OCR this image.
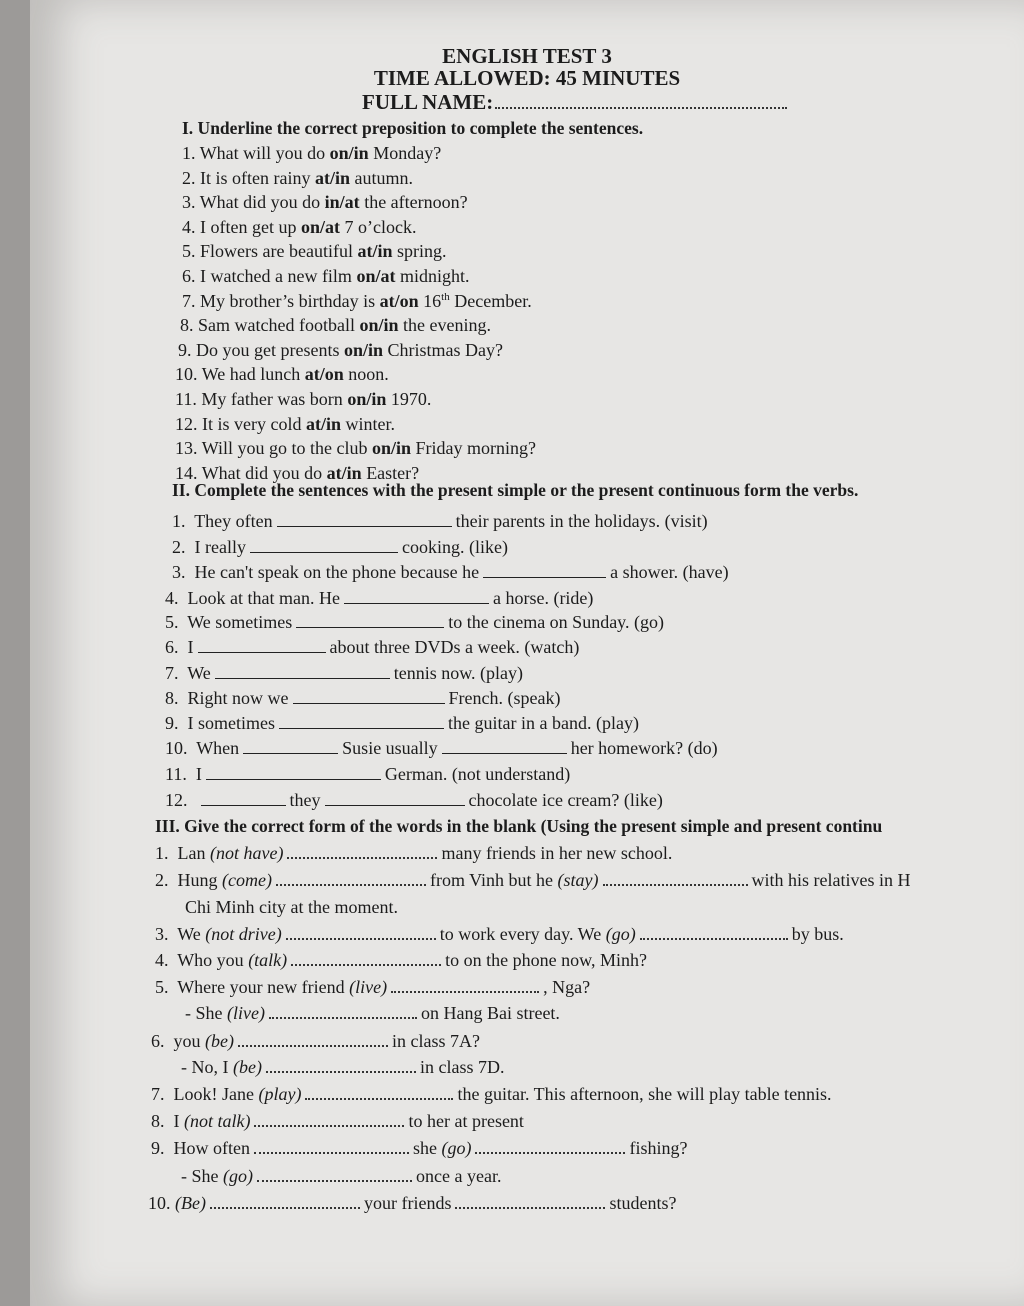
ENGLISH TEST 3
TIME ALLOWED: 45 MINUTES
FULL NAME:
I. Underline the correct preposition to complete the sentences.
1. What will you do on/in Monday?
2. It is often rainy at/in autumn.
3. What did you do in/at the afternoon?
4. I often get up on/at 7 o’clock.
5. Flowers are beautiful at/in spring.
6. I watched a new film on/at midnight.
7. My brother’s birthday is at/on 16th December.
8. Sam watched football on/in the evening.
9. Do you get presents on/in Christmas Day?
10. We had lunch at/on noon.
11. My father was born on/in 1970.
12. It is very cold at/in winter.
13. Will you go to the club on/in Friday morning?
14. What did you do at/in Easter?
II. Complete the sentences with the present simple or the present continuous form the verbs.
1. They often	their parents in the holidays. (visit)
2. I really	cooking. (like)
3. He can't speak on the phone because he	a shower. (have)
4. Look at that man. He	a horse. (ride)
5. We sometimes	to the cinema on Sunday. (go)
6. I	about three DVDs a week. (watch)
7. We	tennis now. (play)
8. Right now we	French. (speak)
9. I sometimes	the guitar in a band. (play)
10. When	Susie usually	her homework? (do)
11. I	German. (not understand)
12.	they	chocolate ice cream? (like)
III. Give the correct form of the words in the blank (Using the present simple and present continu
1. Lan (not have)	many friends in her new school.
2. Hung (come)	from Vinh but he (stay)	with his relatives in H
Chi Minh city at the moment.
3. We (not drive)	to work every day. We (go)	by bus.
4. Who you (talk)	to on the phone now, Minh?
5. Where your new friend (live)	, Nga?
- She (live)	on Hang Bai street.
6. you (be)	in class 7A?
- No, I (be)	in class 7D.
7. Look! Jane (play)	the guitar. This afternoon, she will play table tennis.
8. I (not talk)	to her at present
9. How often	she (go)	fishing?
- She (go)	once a year.
10. (Be)	your friends	students?
